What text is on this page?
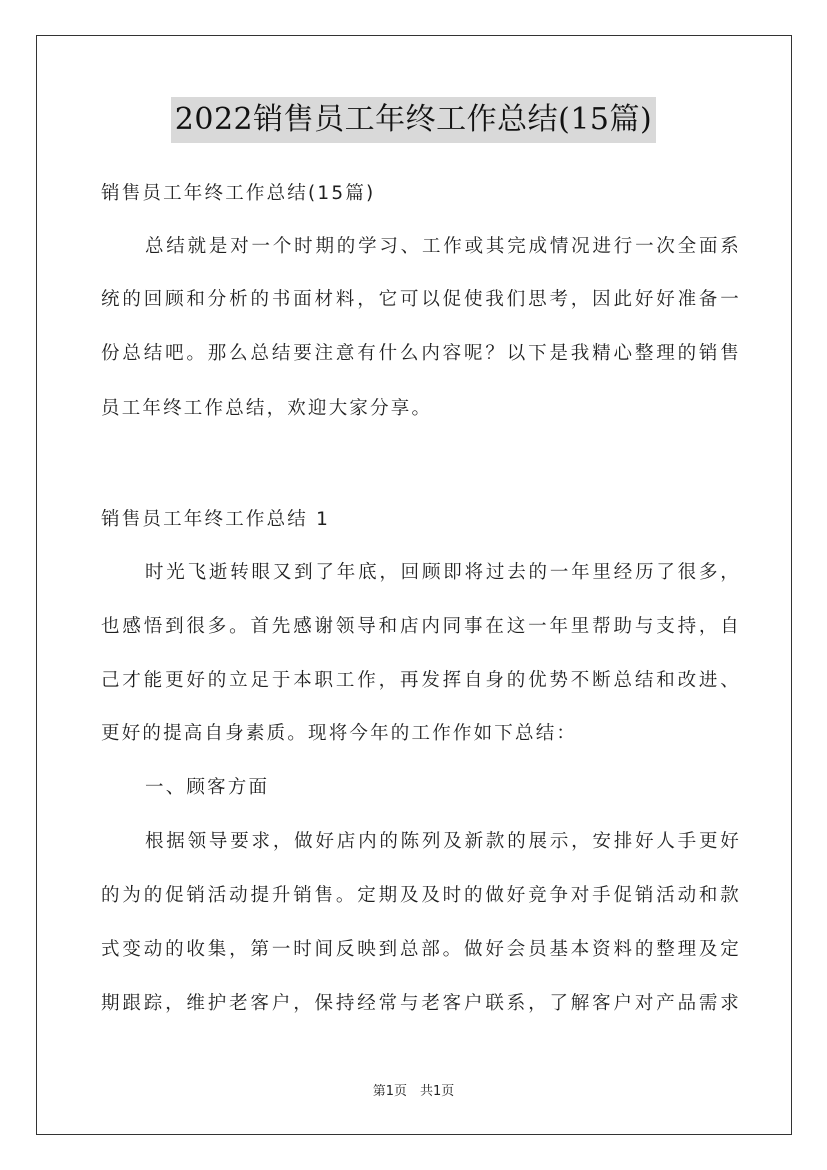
2022销售员工年终工作总结(15篇)
销售员工年终工作总结(15篇)
总结就是对一个时期的学习、工作或其完成情况进行一次全面系
统的回顾和分析的书面材料，它可以促使我们思考，因此好好准备一
份总结吧。那么总结要注意有什么内容呢？以下是我精心整理的销售
员工年终工作总结，欢迎大家分享。
销售员工年终工作总结 1
时光飞逝转眼又到了年底，回顾即将过去的一年里经历了很多，
也感悟到很多。首先感谢领导和店内同事在这一年里帮助与支持，自
己才能更好的立足于本职工作，再发挥自身的优势不断总结和改进、
更好的提高自身素质。现将今年的工作作如下总结：
一、顾客方面
根据领导要求，做好店内的陈列及新款的展示，安排好人手更好
的为的促销活动提升销售。定期及及时的做好竞争对手促销活动和款
式变动的收集，第一时间反映到总部。做好会员基本资料的整理及定
期跟踪，维护老客户，保持经常与老客户联系，了解客户对产品需求
第1页　共1页
